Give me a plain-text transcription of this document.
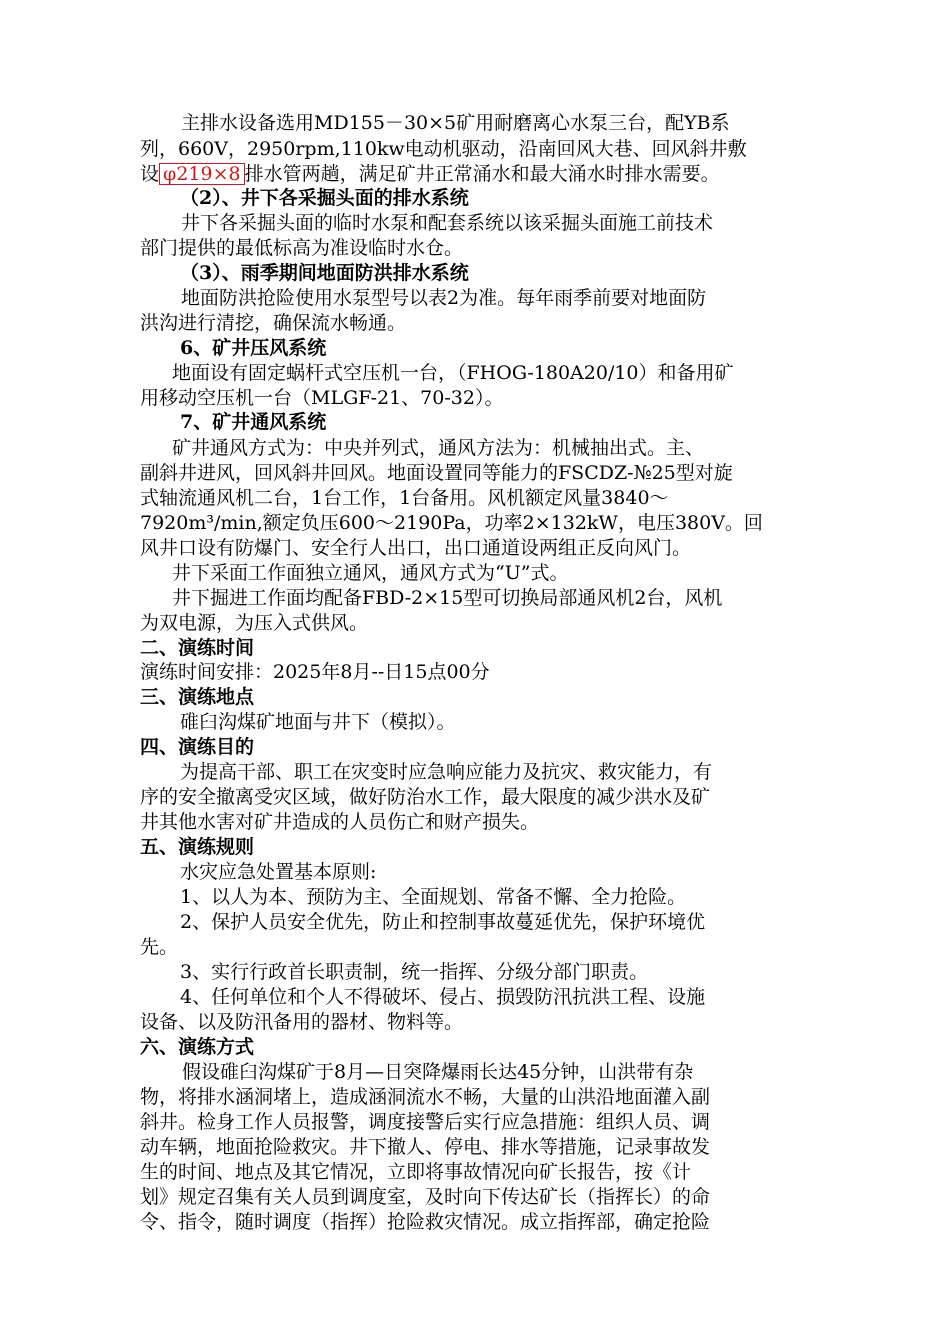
主排水设备选用MD155－30×5矿用耐磨离心水泵三台，配YB系
列，660V，2950rpm,110kw电动机驱动，沿南回风大巷、回风斜井敷
设 φ219×8 排水管两趟，满足矿井正常涌水和最大涌水时排水需要。
（2）、井下各采掘头面的排水系统
井下各采掘头面的临时水泵和配套系统以该采掘头面施工前技术
部门提供的最低标高为准设临时水仓。
（3）、雨季期间地面防洪排水系统
地面防洪抢险使用水泵型号以表2为准。每年雨季前要对地面防
洪沟进行清挖，确保流水畅通。
6、矿井压风系统
地面设有固定蜗杆式空压机一台，（FHOG-180A20/10）和备用矿
用移动空压机一台（MLGF-21、70-32）。
7、矿井通风系统
矿井通风方式为：中央并列式，通风方法为：机械抽出式。主、
副斜井进风，回风斜井回风。地面设置同等能力的FSCDZ-№25型对旋
式轴流通风机二台，1台工作，1台备用。风机额定风量3840～
7920m³/min,额定负压600～2190Pa，功率2×132kW，电压380V。回
风井口设有防爆门、安全行人出口，出口通道设两组正反向风门。
井下采面工作面独立通风，通风方式为“U”式。
井下掘进工作面均配备FBD-2×15型可切换局部通风机2台，风机
为双电源，为压入式供风。
二、演练时间
演练时间安排：2025年8月--日15点00分
三、演练地点
碓臼沟煤矿地面与井下（模拟）。
四、演练目的
为提高干部、职工在灾变时应急响应能力及抗灾、救灾能力，有
序的安全撤离受灾区域，做好防治水工作，最大限度的减少洪水及矿
井其他水害对矿井造成的人员伤亡和财产损失。
五、演练规则
水灾应急处置基本原则:
1、以人为本、预防为主、全面规划、常备不懈、全力抢险。
2、保护人员安全优先，防止和控制事故蔓延优先，保护环境优
先。
3、实行行政首长职责制，统一指挥、分级分部门职责。
4、任何单位和个人不得破坏、侵占、损毁防汛抗洪工程、设施
设备、以及防汛备用的器材、物料等。
六、演练方式
假设碓臼沟煤矿于8月—日突降爆雨长达45分钟，山洪带有杂
物，将排水涵洞堵上，造成涵洞流水不畅，大量的山洪沿地面灌入副
斜井。检身工作人员报警，调度接警后实行应急措施：组织人员、调
动车辆，地面抢险救灾。井下撤人、停电、排水等措施，记录事故发
生的时间、地点及其它情况，立即将事故情况向矿长报告，按《计
划》规定召集有关人员到调度室，及时向下传达矿长（指挥长）的命
令、指令，随时调度（指挥）抢险救灾情况。成立指挥部，确定抢险
